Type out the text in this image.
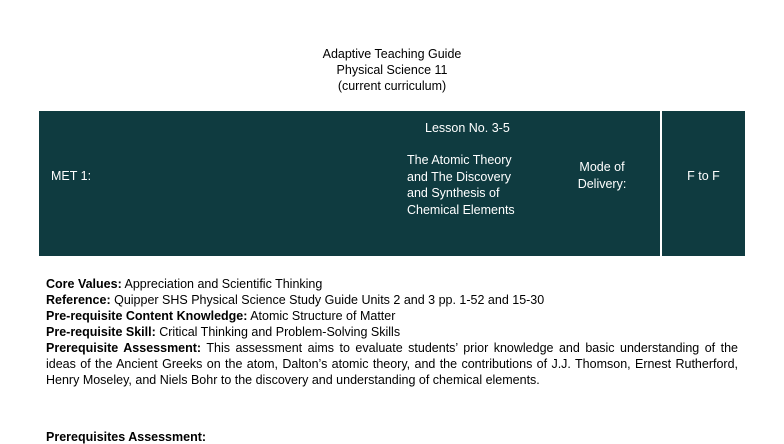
Adaptive Teaching Guide
Physical Science 11
(current curriculum)
MET 1:
Lesson No. 3-5
The Atomic Theory
and The Discovery
and Synthesis of
Chemical Elements
Mode of
Delivery:
F to F

Core Values: Appreciation and Scientific Thinking

Reference: Quipper SHS Physical Science Study Guide Units 2 and 3 pp. 1-52 and 15-30

Pre-requisite Content Knowledge: Atomic Structure of Matter

Pre-requisite Skill: Critical Thinking and Problem-Solving Skills

Prerequisite Assessment: This assessment aims to evaluate students’ prior knowledge and basic understanding of the ideas of the Ancient Greeks on the atom, Dalton’s atomic theory, and the contributions of J.J. Thomson, Ernest Rutherford, Henry Moseley, and Niels Bohr to the discovery and understanding of chemical elements.

Prerequisites Assessment:
